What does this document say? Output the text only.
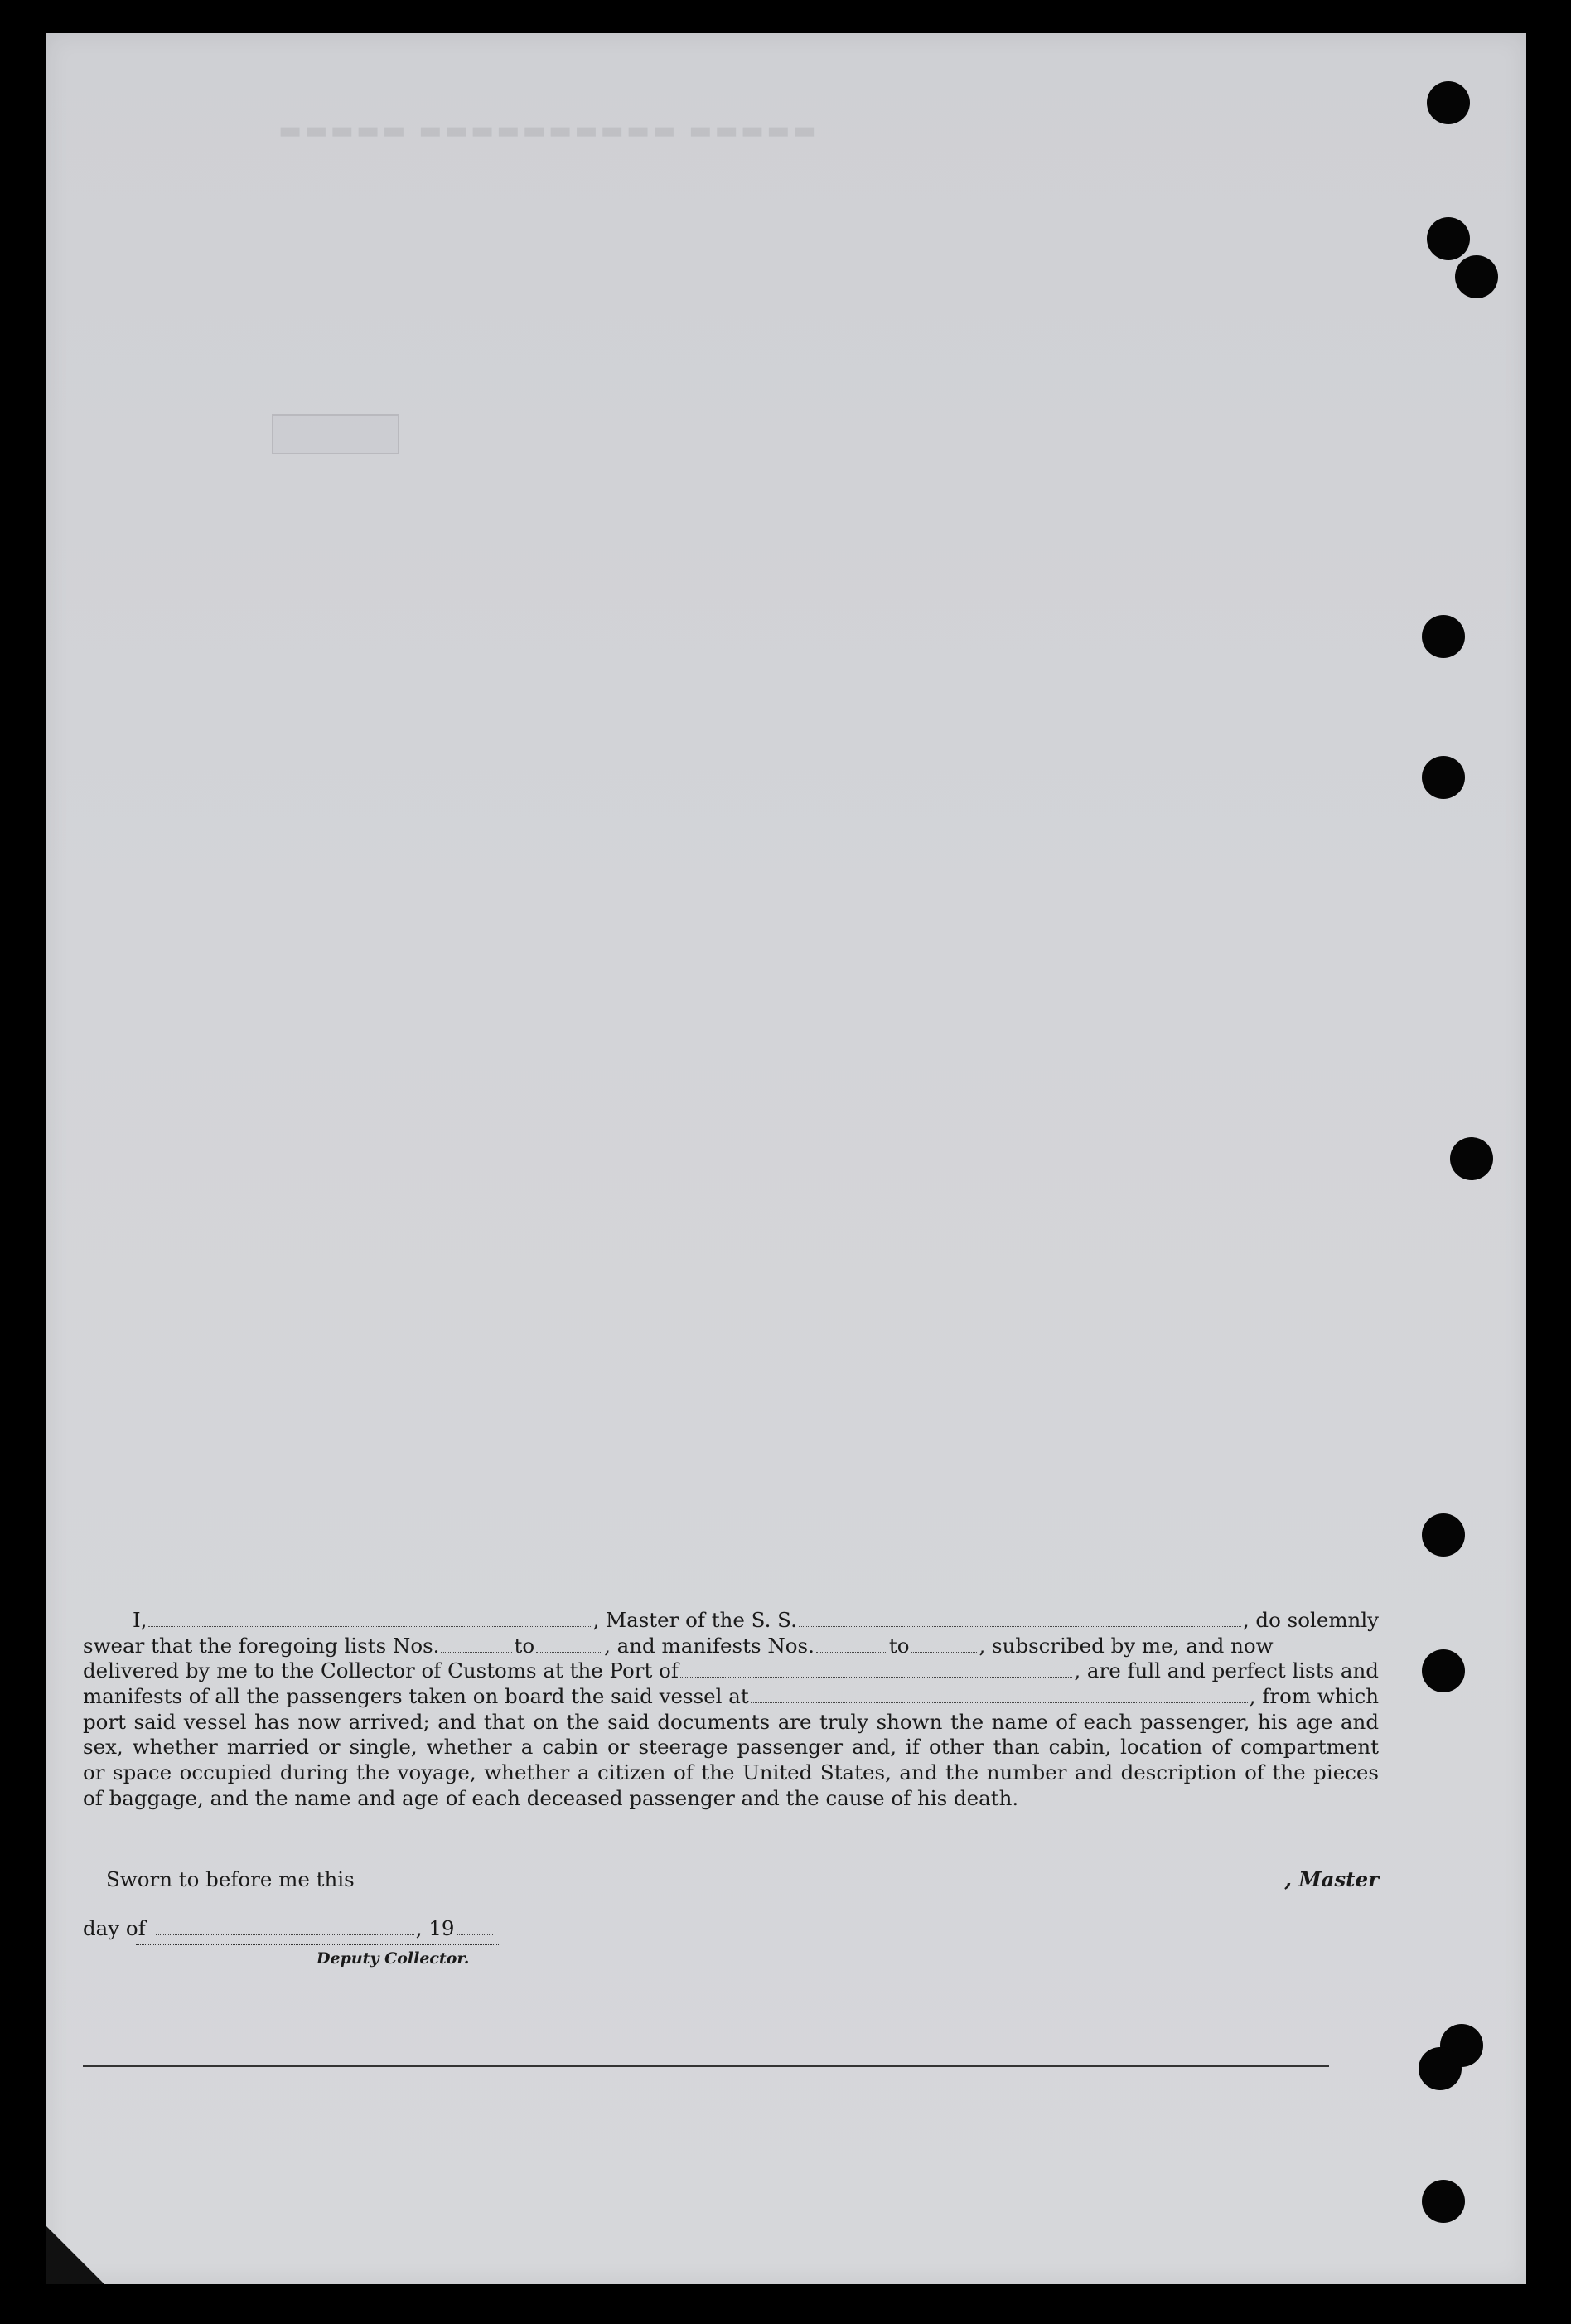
▬▬▬▬▬ ▬▬▬▬▬▬▬▬▬▬ ▬▬▬▬▬
I,	, Master of the S. S.	, do solemnly
swear that the foregoing lists Nos.	to	, and manifests Nos.	to	, subscribed by me, and now
delivered by me to the Collector of Customs at the Port of	, are full and perfect lists and
manifests of all the passengers taken on board the said vessel at	, from which
port said vessel has now arrived; and that on the said documents are truly shown the name of each passenger, his age and
sex, whether married or single, whether a cabin or steerage passenger and, if other than cabin, location of compartment
or space occupied during the voyage, whether a citizen of the United States, and the number and description of the pieces
of baggage, and the name and age of each deceased passenger and the cause of his death.
Sworn to before me this	, Master
day of	, 19
Deputy Collector.
